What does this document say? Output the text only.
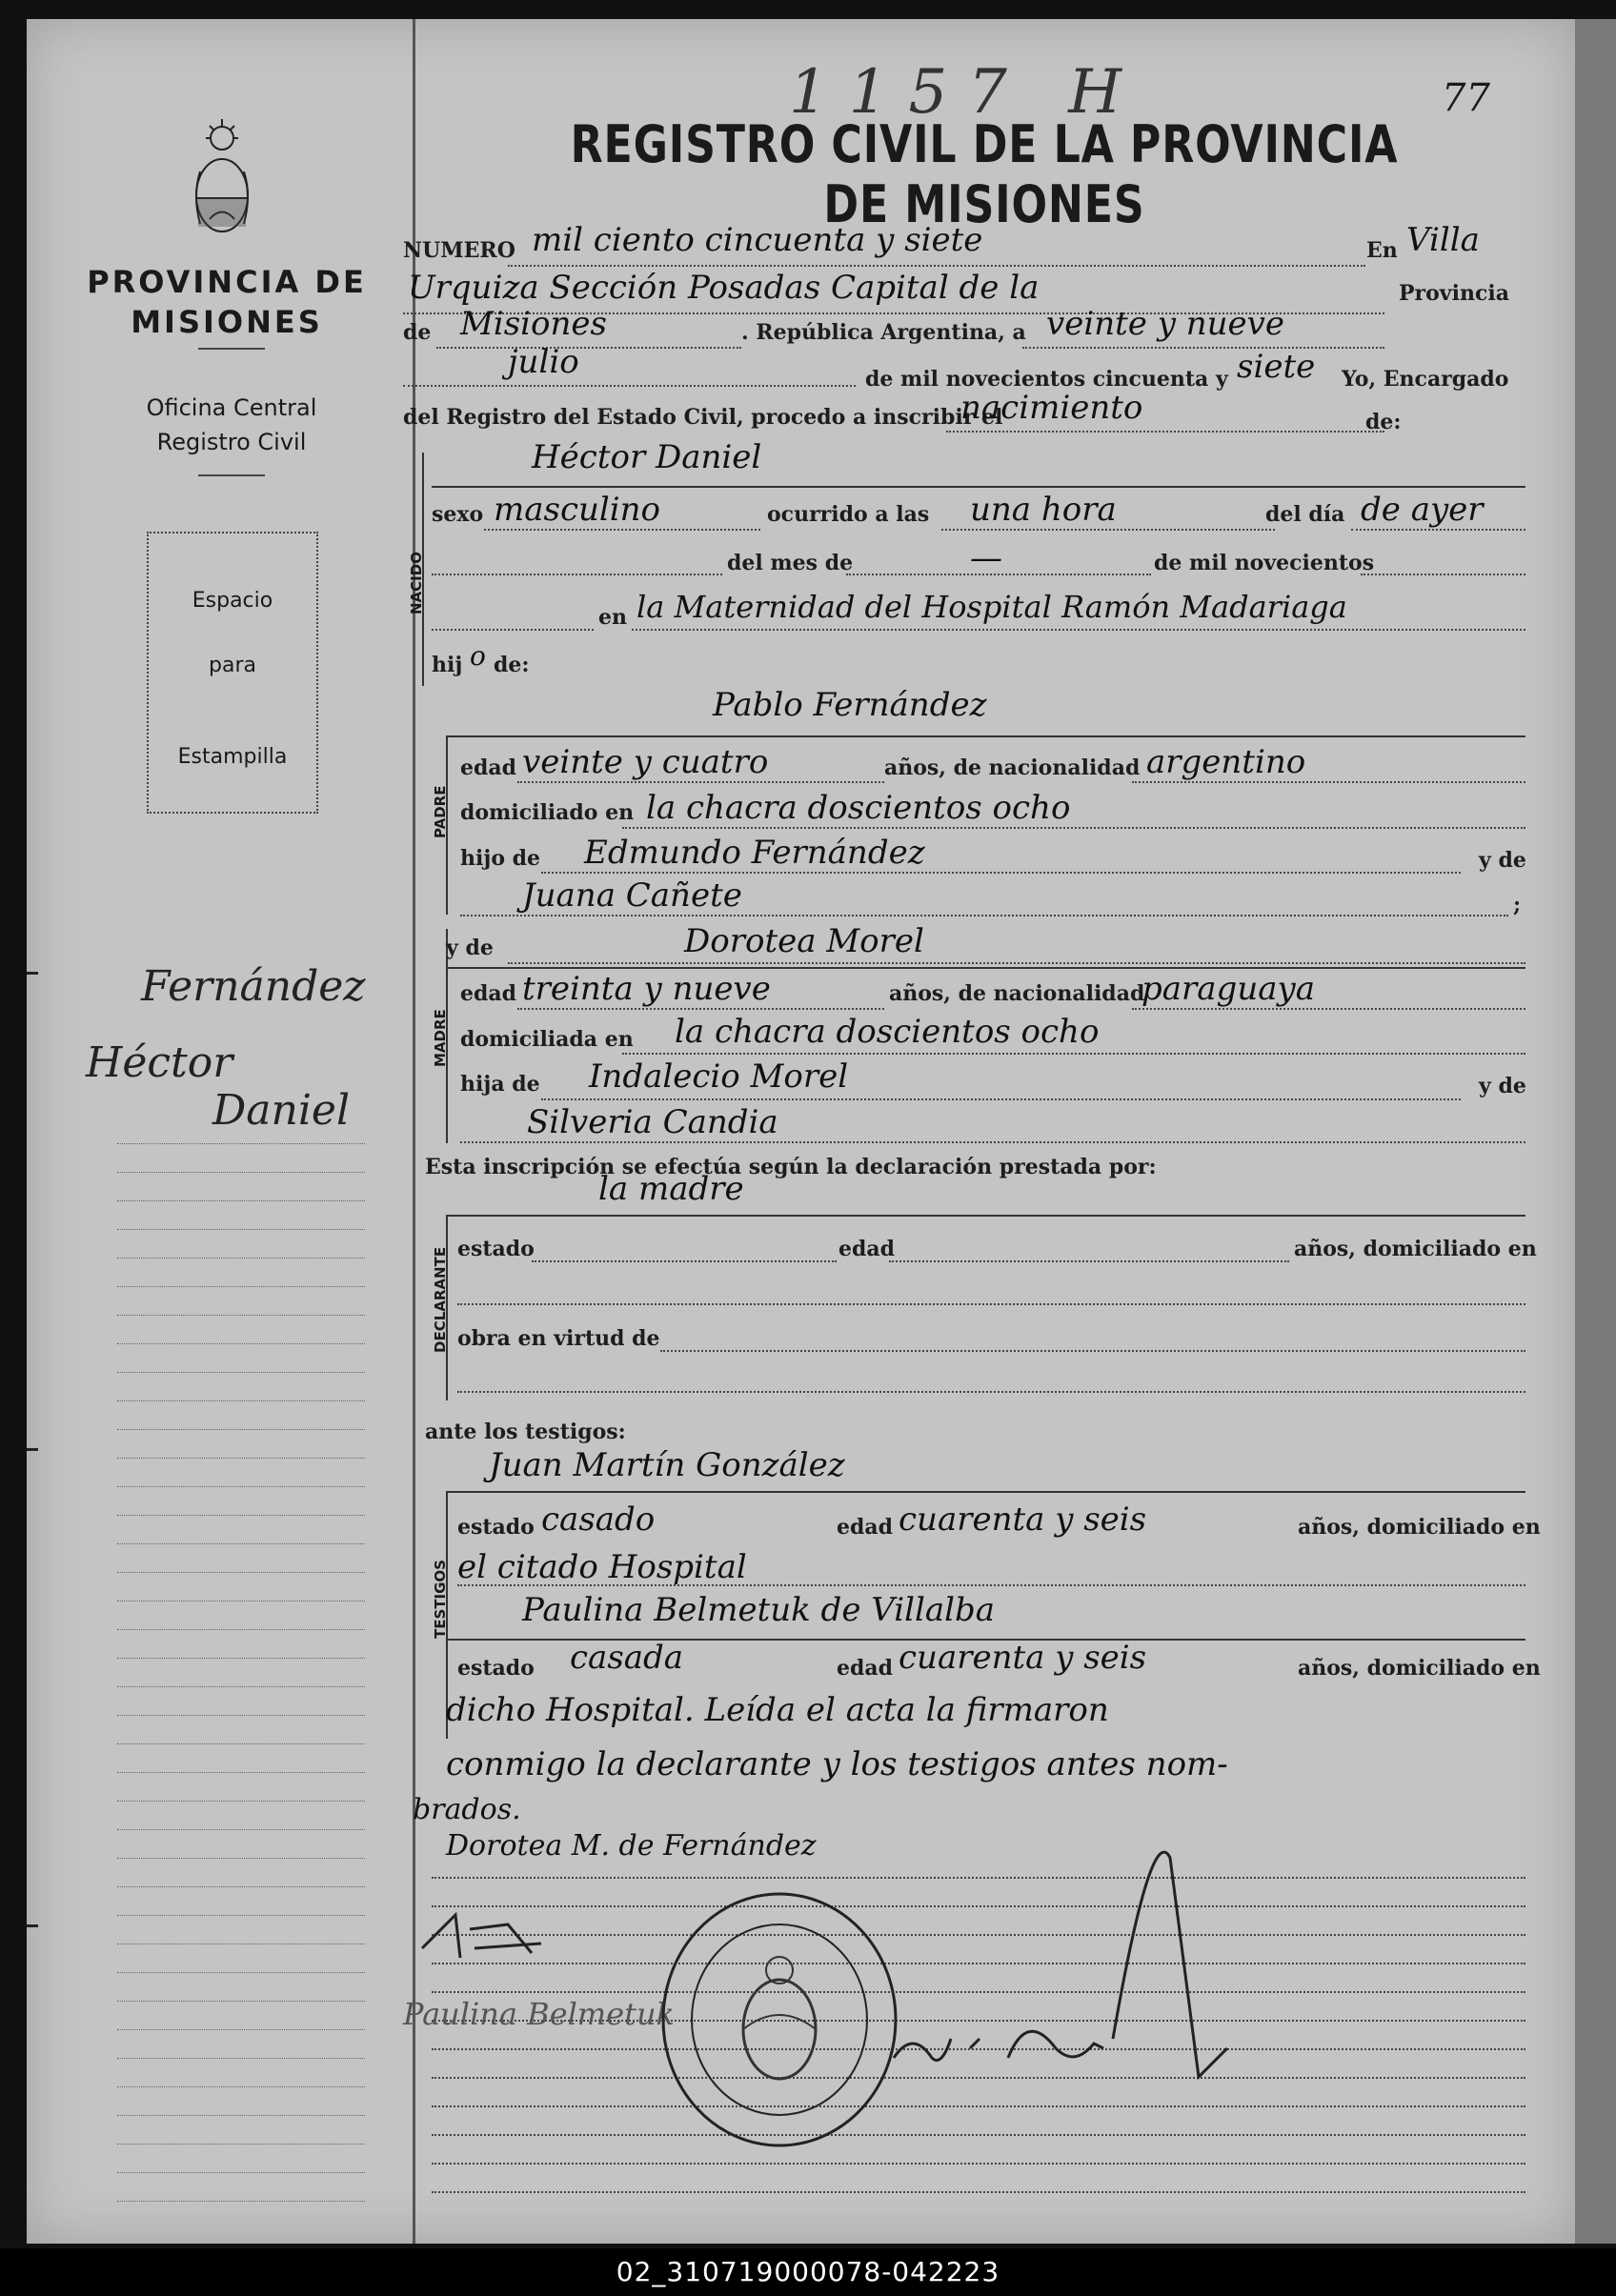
PROVINCIA DE MISIONES
Oficina Central
Registro Civil
Espacio
para
Estampilla
Fernández
Héctor
Daniel
1157 H	77
REGISTRO CIVIL DE LA PROVINCIA DE MISIONES
NUMERO mil ciento cincuenta y siete	En Villa
Urquiza Sección Posadas Capital de la	Provincia
de Misiones	. República Argentina, a veinte y nueve
julio	de mil novecientos cincuenta y siete Yo, Encargado
del Registro del Estado Civil, procedo a inscribir el
nacimiento	de:
NACIDO
Héctor Daniel
sexo masculino	ocurrido a las una hora	del día de ayer
del mes de	—	de mil novecientos
en la Maternidad del Hospital Ramón Madariaga
hij o de:
Pablo Fernández
PADRE
edad veinte y cuatro	años, de nacionalidad argentino
domiciliado en la chacra doscientos ocho
hijo de Edmundo Fernández	y de
Juana Cañete	;
MADRE
y de	Dorotea Morel
edad treinta y nueve	años, de nacionalidad
paraguaya
domiciliada en la chacra doscientos ocho
hija de Indalecio Morel	y de
Silveria Candia
Esta inscripción se efectúa según la declaración prestada por:
la madre
DECLARANTE estado	edad	años, domiciliado en
obra en virtud de
ante los testigos:
Juan Martín González
TESTIGOS
estado casado	edad cuarenta y seis	años, domiciliado en
el citado Hospital
Paulina Belmetuk de Villalba
estado casada	edad cuarenta y seis	años, domiciliado en
dicho Hospital. Leída el acta la firmaron
conmigo la declarante y los testigos antes nom-
brados.
Dorotea M. de Fernández
Paulina Belmetuk
02_310719000078-042223
